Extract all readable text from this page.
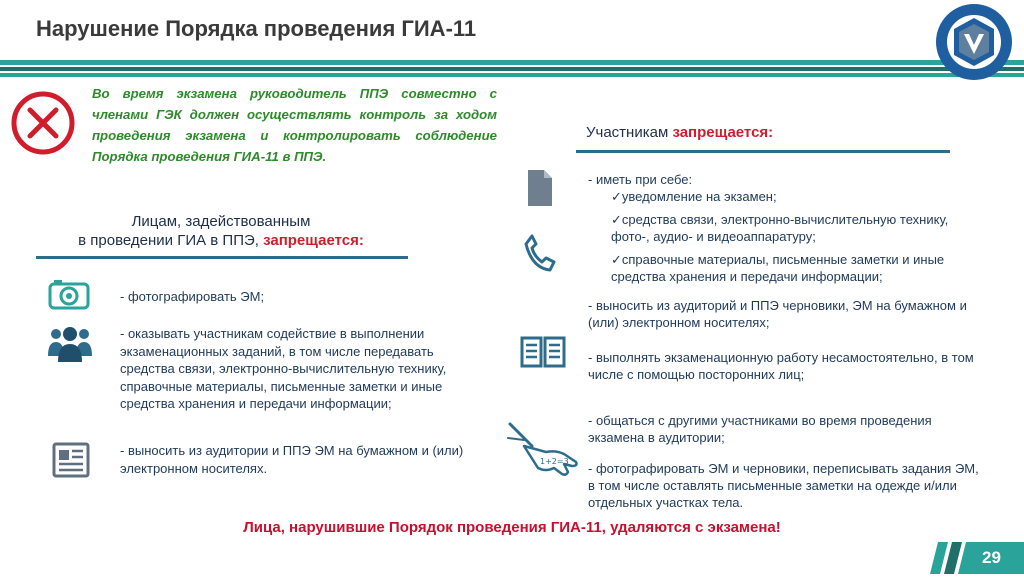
Нарушение Порядка проведения ГИА-11
Во время экзамена руководитель ППЭ совместно с членами ГЭК должен осуществлять контроль за ходом проведения экзамена и контролировать соблюдение Порядка проведения ГИА-11 в ППЭ.
Лицам, задействованным
в проведении ГИА в ППЭ, запрещается:
- фотографировать ЭМ;
- оказывать участникам содействие в выполнении экзаменационных заданий, в том числе передавать средства связи, электронно-вычислительную технику, справочные материалы, письменные заметки и иные средства хранения и передачи информации;
- выносить из аудитории и ППЭ ЭМ на бумажном и (или) электронном носителях.
Участникам запрещается:
1+2=3
- иметь при себе:
✓уведомление на экзамен;
✓средства связи, электронно-вычислительную технику, фото-, аудио- и видеоаппаратуру;
✓справочные материалы, письменные заметки и иные средства хранения и передачи информации;
- выносить из аудиторий и ППЭ черновики, ЭМ на бумажном и (или) электронном носителях;
- выполнять экзаменационную работу несамостоятельно, в том числе с помощью посторонних лиц;
- общаться с другими участниками во время проведения экзамена в аудитории;
- фотографировать ЭМ и черновики, переписывать задания ЭМ, в том числе оставлять письменные заметки на одежде и/или отдельных участках тела.
Лица, нарушившие Порядок проведения ГИА-11, удаляются с экзамена!
29
